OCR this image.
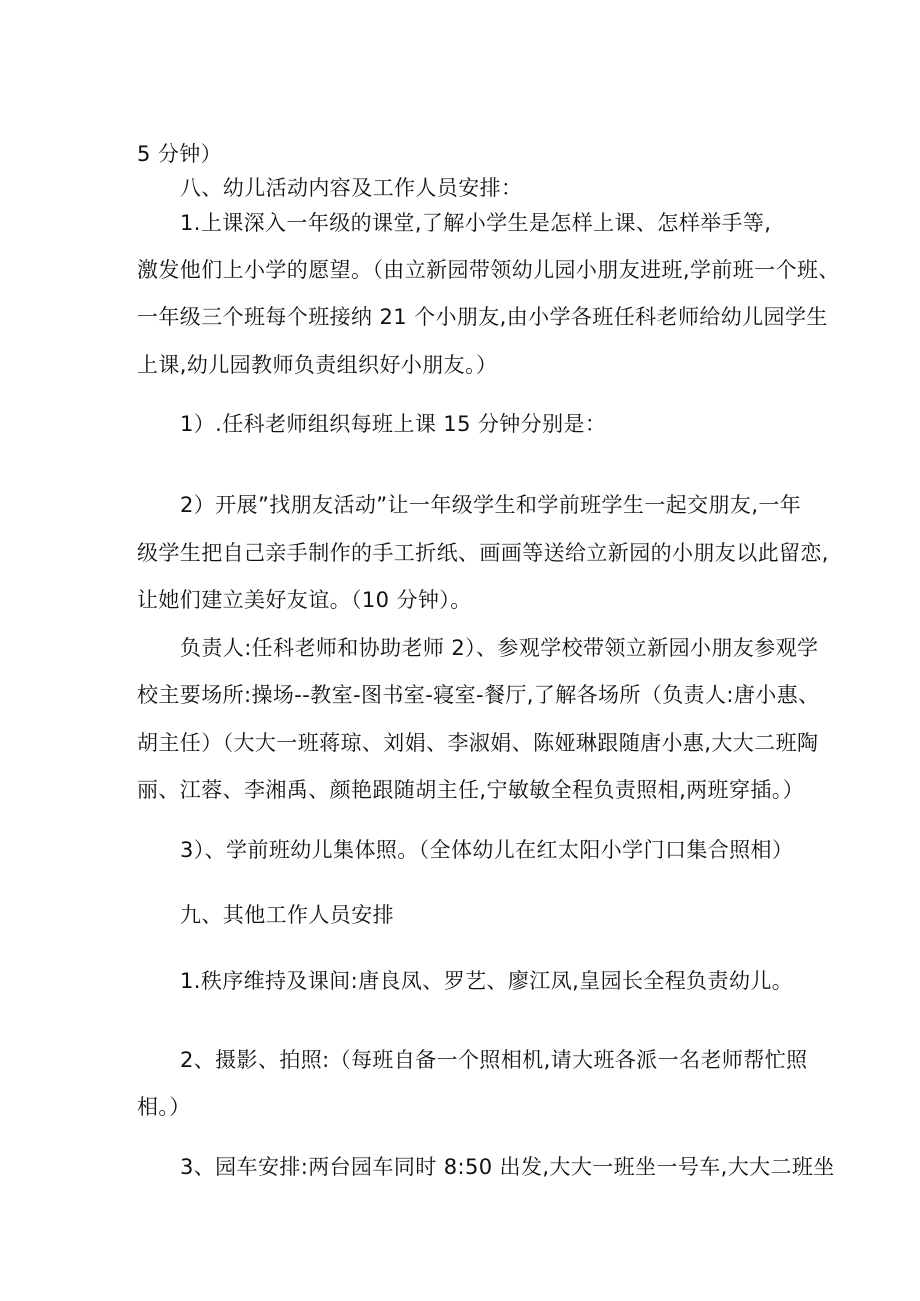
5 分钟）
八、幼儿活动内容及工作人员安排：
1.上课深入一年级的课堂,了解小学生是怎样上课、怎样举手等,
激发他们上小学的愿望。（由立新园带领幼儿园小朋友进班,学前班一个班、
一年级三个班每个班接纳 21 个小朋友,由小学各班任科老师给幼儿园学生
上课,幼儿园教师负责组织好小朋友。）
1）.任科老师组织每班上课 15 分钟分别是：
2）开展”找朋友活动”让一年级学生和学前班学生一起交朋友,一年
级学生把自己亲手制作的手工折纸、画画等送给立新园的小朋友以此留恋,
让她们建立美好友谊。（10 分钟）。
负责人:任科老师和协助老师 2）、参观学校带领立新园小朋友参观学
校主要场所:操场--教室-图书室-寝室-餐厅,了解各场所（负责人:唐小惠、
胡主任）（大大一班蒋琼、刘娟、李淑娟、陈娅琳跟随唐小惠,大大二班陶
丽、江蓉、李湘禹、颜艳跟随胡主任,宁敏敏全程负责照相,两班穿插。）
3）、学前班幼儿集体照。（全体幼儿在红太阳小学门口集合照相）
九、其他工作人员安排
1.秩序维持及课间:唐良凤、罗艺、廖江凤,皇园长全程负责幼儿。
2、摄影、拍照:（每班自备一个照相机,请大班各派一名老师帮忙照
相。）
3、园车安排:两台园车同时 8:50 出发,大大一班坐一号车,大大二班坐
